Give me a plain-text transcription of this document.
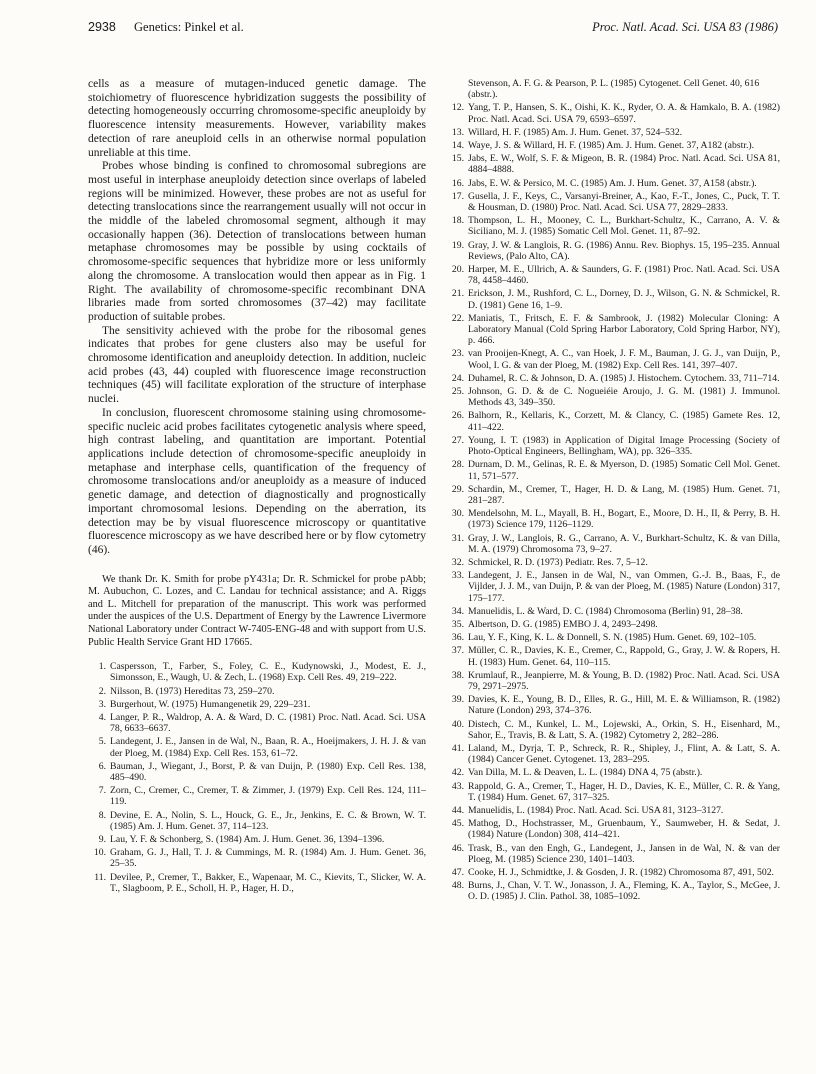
2938 Genetics: Pinkel et al.	Proc. Natl. Acad. Sci. USA 83 (1986)

cells as a measure of mutagen-induced genetic damage. The stoichiometry of fluorescence hybridization suggests the possibility of detecting homogeneously occurring chromosome-specific aneuploidy by fluorescence intensity measurements. However, variability makes detection of rare aneuploid cells in an otherwise normal population unreliable at this time.

Probes whose binding is confined to chromosomal subregions are most useful in interphase aneuploidy detection since overlaps of labeled regions will be minimized. However, these probes are not as useful for detecting translocations since the rearrangement usually will not occur in the middle of the labeled chromosomal segment, although it may occasionally happen (36). Detection of translocations between human metaphase chromosomes may be possible by using cocktails of chromosome-specific sequences that hybridize more or less uniformly along the chromosome. A translocation would then appear as in Fig. 1 Right. The availability of chromosome-specific recombinant DNA libraries made from sorted chromosomes (37–42) may facilitate production of suitable probes.

The sensitivity achieved with the probe for the ribosomal genes indicates that probes for gene clusters also may be useful for chromosome identification and aneuploidy detection. In addition, nucleic acid probes (43, 44) coupled with fluorescence image reconstruction techniques (45) will facilitate exploration of the structure of interphase nuclei.

In conclusion, fluorescent chromosome staining using chromosome-specific nucleic acid probes facilitates cytogenetic analysis where speed, high contrast labeling, and quantitation are important. Potential applications include detection of chromosome-specific aneuploidy in metaphase and interphase cells, quantification of the frequency of chromosome translocations and/or aneuploidy as a measure of induced genetic damage, and detection of diagnostically and prognostically important chromosomal lesions. Depending on the aberration, its detection may be by visual fluorescence microscopy or quantitative fluorescence microscopy as we have described here or by flow cytometry (46).

We thank Dr. K. Smith for probe pY431a; Dr. R. Schmickel for probe pAbb; M. Aubuchon, C. Lozes, and C. Landau for technical assistance; and A. Riggs and L. Mitchell for preparation of the manuscript. This work was performed under the auspices of the U.S. Department of Energy by the Lawrence Livermore National Laboratory under Contract W-7405-ENG-48 and with support from U.S. Public Health Service Grant HD 17665.

1. Caspersson, T., Farber, S., Foley, C. E., Kudynowski, J., Modest, E. J., Simonsson, E., Waugh, U. & Zech, L. (1968) Exp. Cell Res. 49, 219–222.

2. Nilsson, B. (1973) Hereditas 73, 259–270.

3. Burgerhout, W. (1975) Humangenetik 29, 229–231.

4. Langer, P. R., Waldrop, A. A. & Ward, D. C. (1981) Proc. Natl. Acad. Sci. USA 78, 6633–6637.

5. Landegent, J. E., Jansen in de Wal, N., Baan, R. A., Hoeijmakers, J. H. J. & van der Ploeg, M. (1984) Exp. Cell Res. 153, 61–72.

6. Bauman, J., Wiegant, J., Borst, P. & van Duijn, P. (1980) Exp. Cell Res. 138, 485–490.

7. Zorn, C., Cremer, C., Cremer, T. & Zimmer, J. (1979) Exp. Cell Res. 124, 111–119.

8. Devine, E. A., Nolin, S. L., Houck, G. E., Jr., Jenkins, E. C. & Brown, W. T. (1985) Am. J. Hum. Genet. 37, 114–123.

9. Lau, Y. F. & Schonberg, S. (1984) Am. J. Hum. Genet. 36, 1394–1396.

10. Graham, G. J., Hall, T. J. & Cummings, M. R. (1984) Am. J. Hum. Genet. 36, 25–35.

11. Devilee, P., Cremer, T., Bakker, E., Wapenaar, M. C., Kievits, T., Slicker, W. A. T., Slagboom, P. E., Scholl, H. P., Hager, H. D.,

Stevenson, A. F. G. & Pearson, P. L. (1985) Cytogenet. Cell Genet. 40, 616 (abstr.).

12. Yang, T. P., Hansen, S. K., Oishi, K. K., Ryder, O. A. & Hamkalo, B. A. (1982) Proc. Natl. Acad. Sci. USA 79, 6593–6597.

13. Willard, H. F. (1985) Am. J. Hum. Genet. 37, 524–532.

14. Waye, J. S. & Willard, H. F. (1985) Am. J. Hum. Genet. 37, A182 (abstr.).

15. Jabs, E. W., Wolf, S. F. & Migeon, B. R. (1984) Proc. Natl. Acad. Sci. USA 81, 4884–4888.

16. Jabs, E. W. & Persico, M. C. (1985) Am. J. Hum. Genet. 37, A158 (abstr.).

17. Gusella, J. F., Keys, C., Varsanyi-Breiner, A., Kao, F.-T., Jones, C., Puck, T. T. & Housman, D. (1980) Proc. Natl. Acad. Sci. USA 77, 2829–2833.

18. Thompson, L. H., Mooney, C. L., Burkhart-Schultz, K., Carrano, A. V. & Siciliano, M. J. (1985) Somatic Cell Mol. Genet. 11, 87–92.

19. Gray, J. W. & Langlois, R. G. (1986) Annu. Rev. Biophys. 15, 195–235. Annual Reviews, (Palo Alto, CA).

20. Harper, M. E., Ullrich, A. & Saunders, G. F. (1981) Proc. Natl. Acad. Sci. USA 78, 4458–4460.

21. Erickson, J. M., Rushford, C. L., Dorney, D. J., Wilson, G. N. & Schmickel, R. D. (1981) Gene 16, 1–9.

22. Maniatis, T., Fritsch, E. F. & Sambrook, J. (1982) Molecular Cloning: A Laboratory Manual (Cold Spring Harbor Laboratory, Cold Spring Harbor, NY), p. 466.

23. van Prooijen-Knegt, A. C., van Hoek, J. F. M., Bauman, J. G. J., van Duijn, P., Wool, I. G. & van der Ploeg, M. (1982) Exp. Cell Res. 141, 397–407.

24. Duhamel, R. C. & Johnson, D. A. (1985) J. Histochem. Cytochem. 33, 711–714.

25. Johnson, G. D. & de C. Nogueiéie Aroujo, J. G. M. (1981) J. Immunol. Methods 43, 349–350.

26. Balhorn, R., Kellaris, K., Corzett, M. & Clancy, C. (1985) Gamete Res. 12, 411–422.

27. Young, I. T. (1983) in Application of Digital Image Processing (Society of Photo-Optical Engineers, Bellingham, WA), pp. 326–335.

28. Durnam, D. M., Gelinas, R. E. & Myerson, D. (1985) Somatic Cell Mol. Genet. 11, 571–577.

29. Schardin, M., Cremer, T., Hager, H. D. & Lang, M. (1985) Hum. Genet. 71, 281–287.

30. Mendelsohn, M. L., Mayall, B. H., Bogart, E., Moore, D. H., II, & Perry, B. H. (1973) Science 179, 1126–1129.

31. Gray, J. W., Langlois, R. G., Carrano, A. V., Burkhart-Schultz, K. & van Dilla, M. A. (1979) Chromosoma 73, 9–27.

32. Schmickel, R. D. (1973) Pediatr. Res. 7, 5–12.

33. Landegent, J. E., Jansen in de Wal, N., van Ommen, G.-J. B., Baas, F., de Vijlder, J. J. M., van Duijn, P. & van der Ploeg, M. (1985) Nature (London) 317, 175–177.

34. Manuelidis, L. & Ward, D. C. (1984) Chromosoma (Berlin) 91, 28–38.

35. Albertson, D. G. (1985) EMBO J. 4, 2493–2498.

36. Lau, Y. F., King, K. L. & Donnell, S. N. (1985) Hum. Genet. 69, 102–105.

37. Müller, C. R., Davies, K. E., Cremer, C., Rappold, G., Gray, J. W. & Ropers, H. H. (1983) Hum. Genet. 64, 110–115.

38. Krumlauf, R., Jeanpierre, M. & Young, B. D. (1982) Proc. Natl. Acad. Sci. USA 79, 2971–2975.

39. Davies, K. E., Young, B. D., Elles, R. G., Hill, M. E. & Williamson, R. (1982) Nature (London) 293, 374–376.

40. Distech, C. M., Kunkel, L. M., Lojewski, A., Orkin, S. H., Eisenhard, M., Sahor, E., Travis, B. & Latt, S. A. (1982) Cytometry 2, 282–286.

41. Laland, M., Dyrja, T. P., Schreck, R. R., Shipley, J., Flint, A. & Latt, S. A. (1984) Cancer Genet. Cytogenet. 13, 283–295.

42. Van Dilla, M. L. & Deaven, L. L. (1984) DNA 4, 75 (abstr.).

43. Rappold, G. A., Cremer, T., Hager, H. D., Davies, K. E., Müller, C. R. & Yang, T. (1984) Hum. Genet. 67, 317–325.

44. Manuelidis, L. (1984) Proc. Natl. Acad. Sci. USA 81, 3123–3127.

45. Mathog, D., Hochstrasser, M., Gruenbaum, Y., Saumweber, H. & Sedat, J. (1984) Nature (London) 308, 414–421.

46. Trask, B., van den Engh, G., Landegent, J., Jansen in de Wal, N. & van der Ploeg, M. (1985) Science 230, 1401–1403.

47. Cooke, H. J., Schmidtke, J. & Gosden, J. R. (1982) Chromosoma 87, 491, 502.

48. Burns, J., Chan, V. T. W., Jonasson, J. A., Fleming, K. A., Taylor, S., McGee, J. O. D. (1985) J. Clin. Pathol. 38, 1085–1092.
